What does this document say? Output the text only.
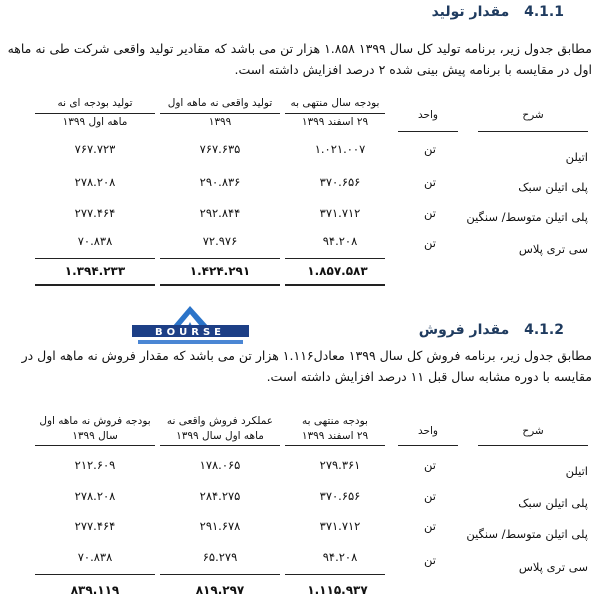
4.1.1 مقدار تولید
مطابق جدول زیر، برنامه تولید کل سال ۱۳۹۹ ۱.۸۵۸ هزار تن می باشد که مقادیر تولید واقعی شرکت طی نه ماهه اول در مقایسه با برنامه پیش بینی شده ۲ درصد افزایش داشته است.
شرح
واحد
بودجه سال منتهی به
۲۹ اسفند ۱۳۹۹
تولید واقعی نه ماهه اول
۱۳۹۹
تولید بودجه ای نه
ماهه اول ۱۳۹۹
اتیلن
تن
۱.۰۲۱.۰۰۷
۷۶۷.۶۳۵
۷۶۷.۷۲۳
پلی اتیلن سبک
تن
۳۷۰.۶۵۶
۲۹۰.۸۳۶
۲۷۸.۲۰۸
پلی اتیلن متوسط/ سنگین
تن
۳۷۱.۷۱۲
۲۹۲.۸۴۴
۲۷۷.۴۶۴
سی تری پلاس
تن
۹۴.۲۰۸
۷۲.۹۷۶
۷۰.۸۳۸
۱.۸۵۷.۵۸۳
۱.۴۲۴.۲۹۱
۱.۳۹۴.۲۳۳
BOURSE	4.1.2 مقدار فروش
مطابق جدول زیر، برنامه فروش کل سال ۱۳۹۹ معادل۱.۱۱۶ هزار تن می باشد که مقدار فروش نه ماهه اول در مقایسه با دوره مشابه سال قبل ۱۱ درصد افزایش داشته است.
شرح
واحد
بودجه منتهی به
۲۹ اسفند ۱۳۹۹
عملکرد فروش واقعی نه
ماهه اول سال ۱۳۹۹
بودجه فروش نه ماهه اول
سال ۱۳۹۹
اتیلن
تن
۲۷۹.۳۶۱
۱۷۸.۰۶۵
۲۱۲.۶۰۹
پلی اتیلن سبک
تن
۳۷۰.۶۵۶
۲۸۴.۲۷۵
۲۷۸.۲۰۸
پلی اتیلن متوسط/ سنگین
تن
۳۷۱.۷۱۲
۲۹۱.۶۷۸
۲۷۷.۴۶۴
سی تری پلاس
تن
۹۴.۲۰۸
۶۵.۲۷۹
۷۰.۸۳۸
۱.۱۱۵.۹۳۷
۸۱۹.۲۹۷
۸۳۹.۱۱۹
